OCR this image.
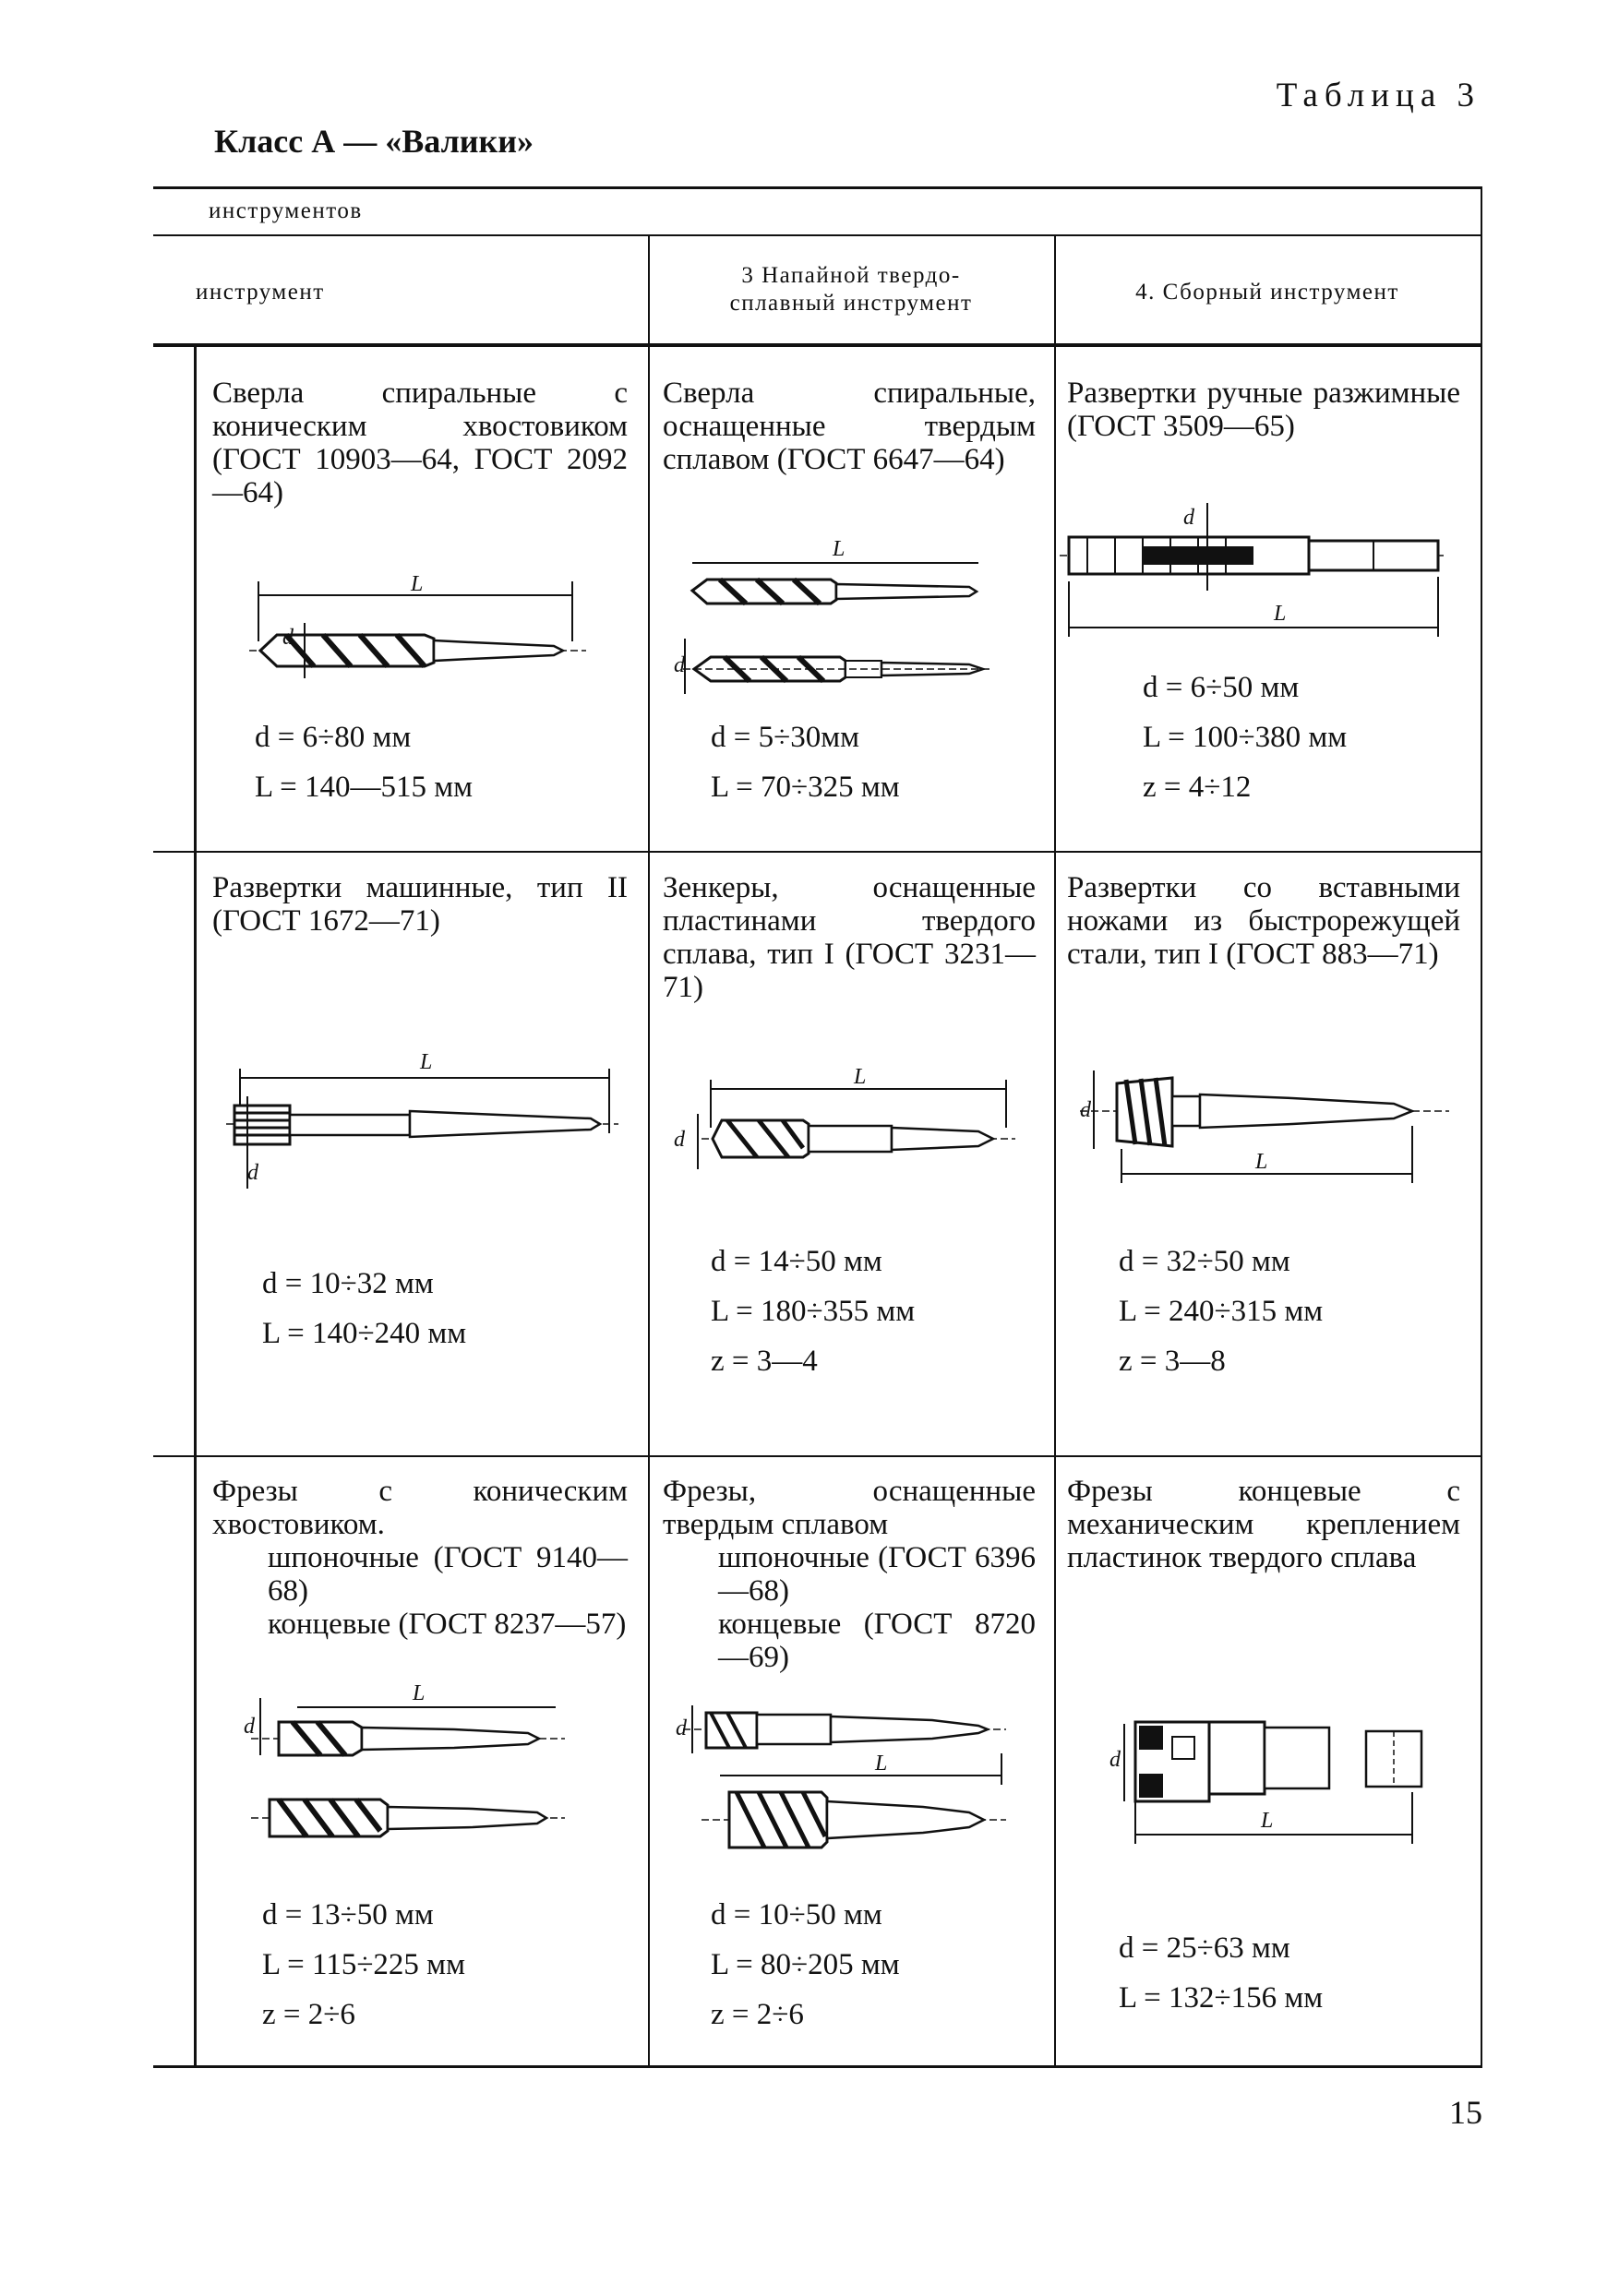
Таблица 3
Класс А — «Валики»
инструментов
инструмент
3 Напайной твердо-
сплавный инструмент	4. Сборный инструмент
Сверла спиральные с коническим хвостовиком (ГОСТ 10903—64, ГОСТ 2092—64)
L
d
d = 6÷80 мм
L = 140—515 мм
Сверла спиральные, оснащенные твердым сплавом (ГОСТ 6647—64)
L
d
d = 5÷30мм
L = 70÷325 мм
Развертки ручные разжимные (ГОСТ 3509—65)
d
L
d = 6÷50 мм
L = 100÷380 мм
z = 4÷12
Развертки машинные, тип II (ГОСТ 1672—71)
L
d
d = 10÷32 мм
L = 140÷240 мм
Зенкеры, оснащенные пластинами твердого сплава, тип I (ГОСТ 3231—71)
L
d
d = 14÷50 мм
L = 180÷355 мм
z = 3—4
Развертки со вставными ножами из быстрорежущей стали, тип I (ГОСТ 883—71)
d
L
d = 32÷50 мм
L = 240÷315 мм
z = 3—8
Фрезы с коническим хвостовиком.
шпоночные (ГОСТ 9140—68)
концевые (ГОСТ 8237—57)
L
d
d = 13÷50 мм
L = 115÷225 мм
z = 2÷6
Фрезы, оснащенные твердым сплавом
шпоночные (ГОСТ 6396—68)
концевые (ГОСТ 8720—69)
d
L
d = 10÷50 мм
L = 80÷205 мм
z = 2÷6
Фрезы концевые с механическим креплением пластинок твердого сплава
d
L
d = 25÷63 мм
L = 132÷156 мм
15
